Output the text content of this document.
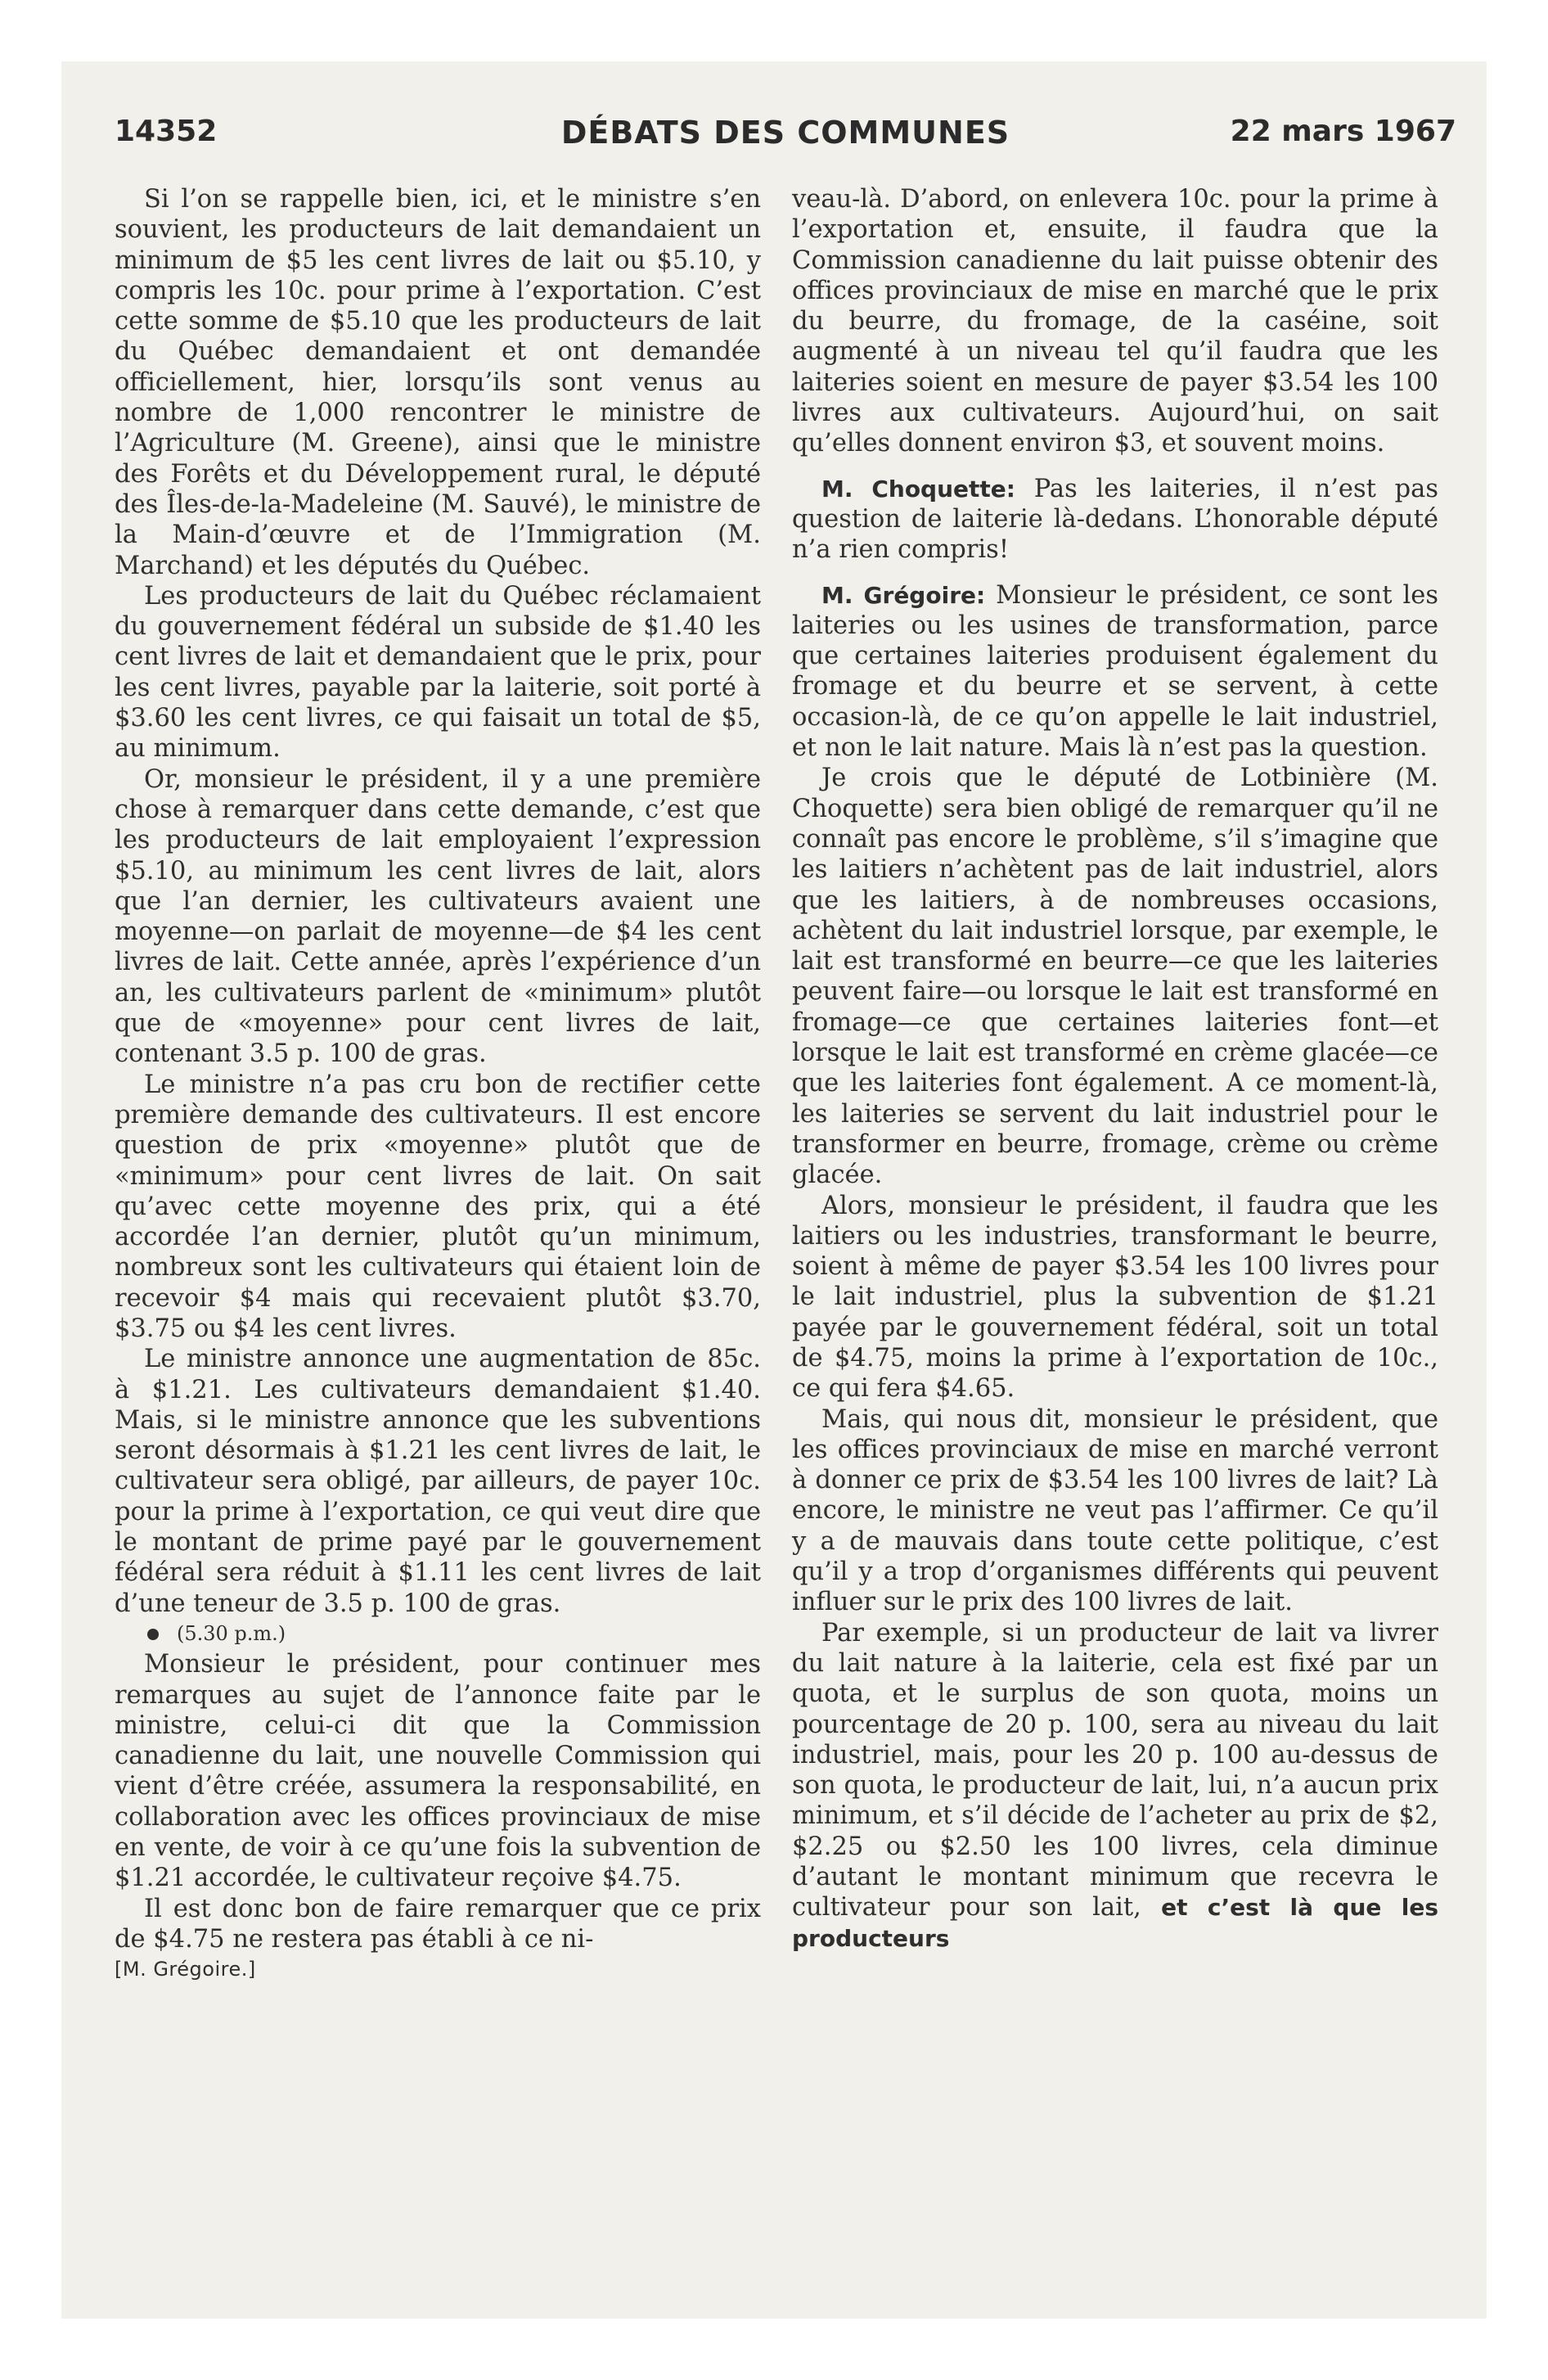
14352	DÉBATS DES COMMUNES	22 mars 1967

Si l’on se rappelle bien, ici, et le ministre s’en souvient, les producteurs de lait demandaient un minimum de $5 les cent livres de lait ou $5.10, y compris les 10c. pour prime à l’exportation. C’est cette somme de $5.10 que les producteurs de lait du Québec demandaient et ont demandée officiellement, hier, lorsqu’ils sont venus au nombre de 1,000 rencontrer le ministre de l’Agriculture (M. Greene), ainsi que le ministre des Forêts et du Développement rural, le député des Îles-de-la-Madeleine (M. Sauvé), le ministre de la Main-d’œuvre et de l’Immigration (M. Marchand) et les députés du Québec.

Les producteurs de lait du Québec réclamaient du gouvernement fédéral un subside de $1.40 les cent livres de lait et demandaient que le prix, pour les cent livres, payable par la laiterie, soit porté à $3.60 les cent livres, ce qui faisait un total de $5, au minimum.

Or, monsieur le président, il y a une première chose à remarquer dans cette demande, c’est que les producteurs de lait employaient l’expression $5.10, au minimum les cent livres de lait, alors que l’an dernier, les cultivateurs avaient une moyenne—on parlait de moyenne—de $4 les cent livres de lait. Cette année, après l’expérience d’un an, les cultivateurs parlent de «minimum» plutôt que de «moyenne» pour cent livres de lait, contenant 3.5 p. 100 de gras.

Le ministre n’a pas cru bon de rectifier cette première demande des cultivateurs. Il est encore question de prix «moyenne» plutôt que de «minimum» pour cent livres de lait. On sait qu’avec cette moyenne des prix, qui a été accordée l’an dernier, plutôt qu’un minimum, nombreux sont les cultivateurs qui étaient loin de recevoir $4 mais qui recevaient plutôt $3.70, $3.75 ou $4 les cent livres.

Le ministre annonce une augmentation de 85c. à $1.21. Les cultivateurs demandaient $1.40. Mais, si le ministre annonce que les subventions seront désormais à $1.21 les cent livres de lait, le cultivateur sera obligé, par ailleurs, de payer 10c. pour la prime à l’exportation, ce qui veut dire que le montant de prime payé par le gouvernement fédéral sera réduit à $1.11 les cent livres de lait d’une teneur de 3.5 p. 100 de gras.

(5.30 p.m.)

Monsieur le président, pour continuer mes remarques au sujet de l’annonce faite par le ministre, celui-ci dit que la Commission canadienne du lait, une nouvelle Commission qui vient d’être créée, assumera la responsabilité, en collaboration avec les offices provinciaux de mise en vente, de voir à ce qu’une fois la subvention de $1.21 accordée, le cultivateur reçoive $4.75.

Il est donc bon de faire remarquer que ce prix de $4.75 ne restera pas établi à ce ni-

[M. Grégoire.]

veau-là. D’abord, on enlevera 10c. pour la prime à l’exportation et, ensuite, il faudra que la Commission canadienne du lait puisse obtenir des offices provinciaux de mise en marché que le prix du beurre, du fromage, de la caséine, soit augmenté à un niveau tel qu’il faudra que les laiteries soient en mesure de payer $3.54 les 100 livres aux cultivateurs. Aujourd’hui, on sait qu’elles donnent environ $3, et souvent moins.

M. Choquette: Pas les laiteries, il n’est pas question de laiterie là-dedans. L’honorable député n’a rien compris!

M. Grégoire: Monsieur le président, ce sont les laiteries ou les usines de transformation, parce que certaines laiteries produisent également du fromage et du beurre et se servent, à cette occasion-là, de ce qu’on appelle le lait industriel, et non le lait nature. Mais là n’est pas la question.

Je crois que le député de Lotbinière (M. Choquette) sera bien obligé de remarquer qu’il ne connaît pas encore le problème, s’il s’imagine que les laitiers n’achètent pas de lait industriel, alors que les laitiers, à de nombreuses occasions, achètent du lait industriel lorsque, par exemple, le lait est transformé en beurre—ce que les laiteries peuvent faire—ou lorsque le lait est transformé en fromage—ce que certaines laiteries font—et lorsque le lait est transformé en crème glacée—ce que les laiteries font également. A ce moment-là, les laiteries se servent du lait industriel pour le transformer en beurre, fromage, crème ou crème glacée.

Alors, monsieur le président, il faudra que les laitiers ou les industries, transformant le beurre, soient à même de payer $3.54 les 100 livres pour le lait industriel, plus la subvention de $1.21 payée par le gouvernement fédéral, soit un total de $4.75, moins la prime à l’exportation de 10c., ce qui fera $4.65.

Mais, qui nous dit, monsieur le président, que les offices provinciaux de mise en marché verront à donner ce prix de $3.54 les 100 livres de lait? Là encore, le ministre ne veut pas l’affirmer. Ce qu’il y a de mauvais dans toute cette politique, c’est qu’il y a trop d’organismes différents qui peuvent influer sur le prix des 100 livres de lait.

Par exemple, si un producteur de lait va livrer du lait nature à la laiterie, cela est fixé par un quota, et le surplus de son quota, moins un pourcentage de 20 p. 100, sera au niveau du lait industriel, mais, pour les 20 p. 100 au-dessus de son quota, le producteur de lait, lui, n’a aucun prix minimum, et s’il décide de l’acheter au prix de $2, $2.25 ou $2.50 les 100 livres, cela diminue d’autant le montant minimum que recevra le cultivateur pour son lait, et c’est là que les producteurs
